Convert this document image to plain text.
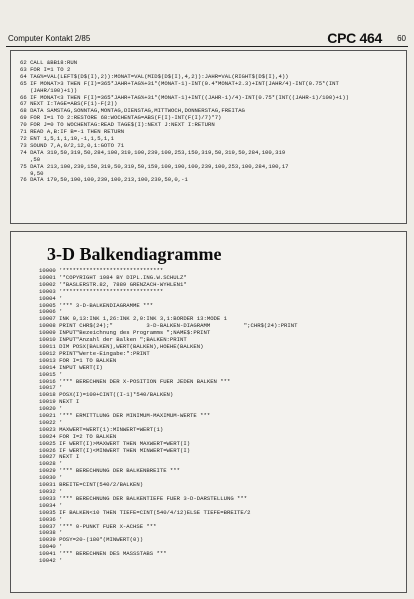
Computer Kontakt 2/85	CPC 464 60
62 CALL &BB18:RUN
63 FOR I=1 TO 2
64 TAG%=VAL(LEFT$(D$(I),2)):MONAT=VAL(MID$(D$(I),4,2)):JAHR=VAL(RIGHT$(D$(I),4))
65 IF MONAT>3 THEN F(I)=365*JAHR+TAG%+31*(MONAT-1)-INT(0.4*MONAT+2.3)+INT(JAHR/4)-INT(0.75*(INT
(JAHR/100)+1))
66 IF MONAT<3 THEN F(I)=365*JAHR+TAG%+31*(MONAT-1)+INT((JAHR-1)/4)-INT(0.75*(INT((JAHR-1)/100)+1))
67 NEXT I:TAGE=ABS(F(1)-F(2))
68 DATA SAMSTAG,SONNTAG,MONTAG,DIENSTAG,MITTWOCH,DONNERSTAG,FREITAG
69 FOR I=1 TO 2:RESTORE 68:WOCHENTAG=ABS(F(I)-INT(F(I)/7)*7)
70 FOR J=0 TO WOCHENTAG:READ TAGE$(I):NEXT J:NEXT I:RETURN
71 READ A,B:IF B=-1 THEN RETURN
72 ENT 1,5,1,1,10,-1,1,5,1,1
73 SOUND 7,A,0/2,12,0,1:GOTO 71
74 DATA 319,50,319,50,284,100,319,100,239,100,253,150,319,50,319,50,284,100,319
,50
75 DATA 213,100,239,150,319,50,319,50,159,100,190,100,239,100,253,100,284,100,17
9,50
76 DATA 179,50,190,100,239,100,213,100,239,50,0,-1
3-D Balkendiagramme
10000 '******************************
10001 '*COPYRIGHT 1984 BY DIPL.ING.W.SCHULZ*
10002 '*BASLERSTR.82, 7889 GRENZACH-WYHLEN1*
10003 '******************************
10004 '
10005 '*** 3-D-BALKENDIAGRAMME ***
10006 '
10007 INK 0,13:INK 1,26:INK 2,0:INK 3,1:BORDER 13:MODE 1
10008 PRINT CHR$(24);"          3-D-BALKEN-DIAGRAMM          ";CHR$(24):PRINT
10009 INPUT"Bezeichnung des Programms ";NAME$:PRINT
10010 INPUT"Anzahl der Balken ";BALKEN:PRINT
10011 DIM POSX(BALKEN),WERT(BALKEN),HOEHE(BALKEN)
10012 PRINT"Werte-Eingabe:":PRINT
10013 FOR I=1 TO BALKEN
10014 INPUT WERT(I)
10015 '
10016 '*** BERECHNEN DER X-POSITION FUER JEDEN BALKEN ***
10017 '
10018 POSX(I)=100+CINT((I-1)*540/BALKEN)
10019 NEXT I
10020 '
10021 '*** ERMITTLUNG DER MINIMUM-MAXIMUM-WERTE ***
10022 '
10023 MAXWERT=WERT(1):MINWERT=WERT(1)
10024 FOR I=2 TO BALKEN
10025 IF WERT(I)>MAXWERT THEN MAXWERT=WERT(I)
10026 IF WERT(I)<MINWERT THEN MINWERT=WERT(I)
10027 NEXT I
10028 '
10029 '*** BERECHNUNG DER BALKENBREITE ***
10030 '
10031 BREITE=CINT(540/2/BALKEN)
10032 '
10033 '*** BERECHNUNG DER BALKENTIEFE FUER 3-D-DARSTELLUNG ***
10034 '
10035 IF BALKEN<10 THEN TIEFE=CINT(540/4/12)ELSE TIEFE=BREITE/2
10036 '
10037 '*** 0-PUNKT FUER X-ACHSE ***
10038 '
10039 POSY=20-(180*(MINWERT(0))
10040 '
10041 '*** BERECHNEN DES MASSSTABS ***
10042 '
